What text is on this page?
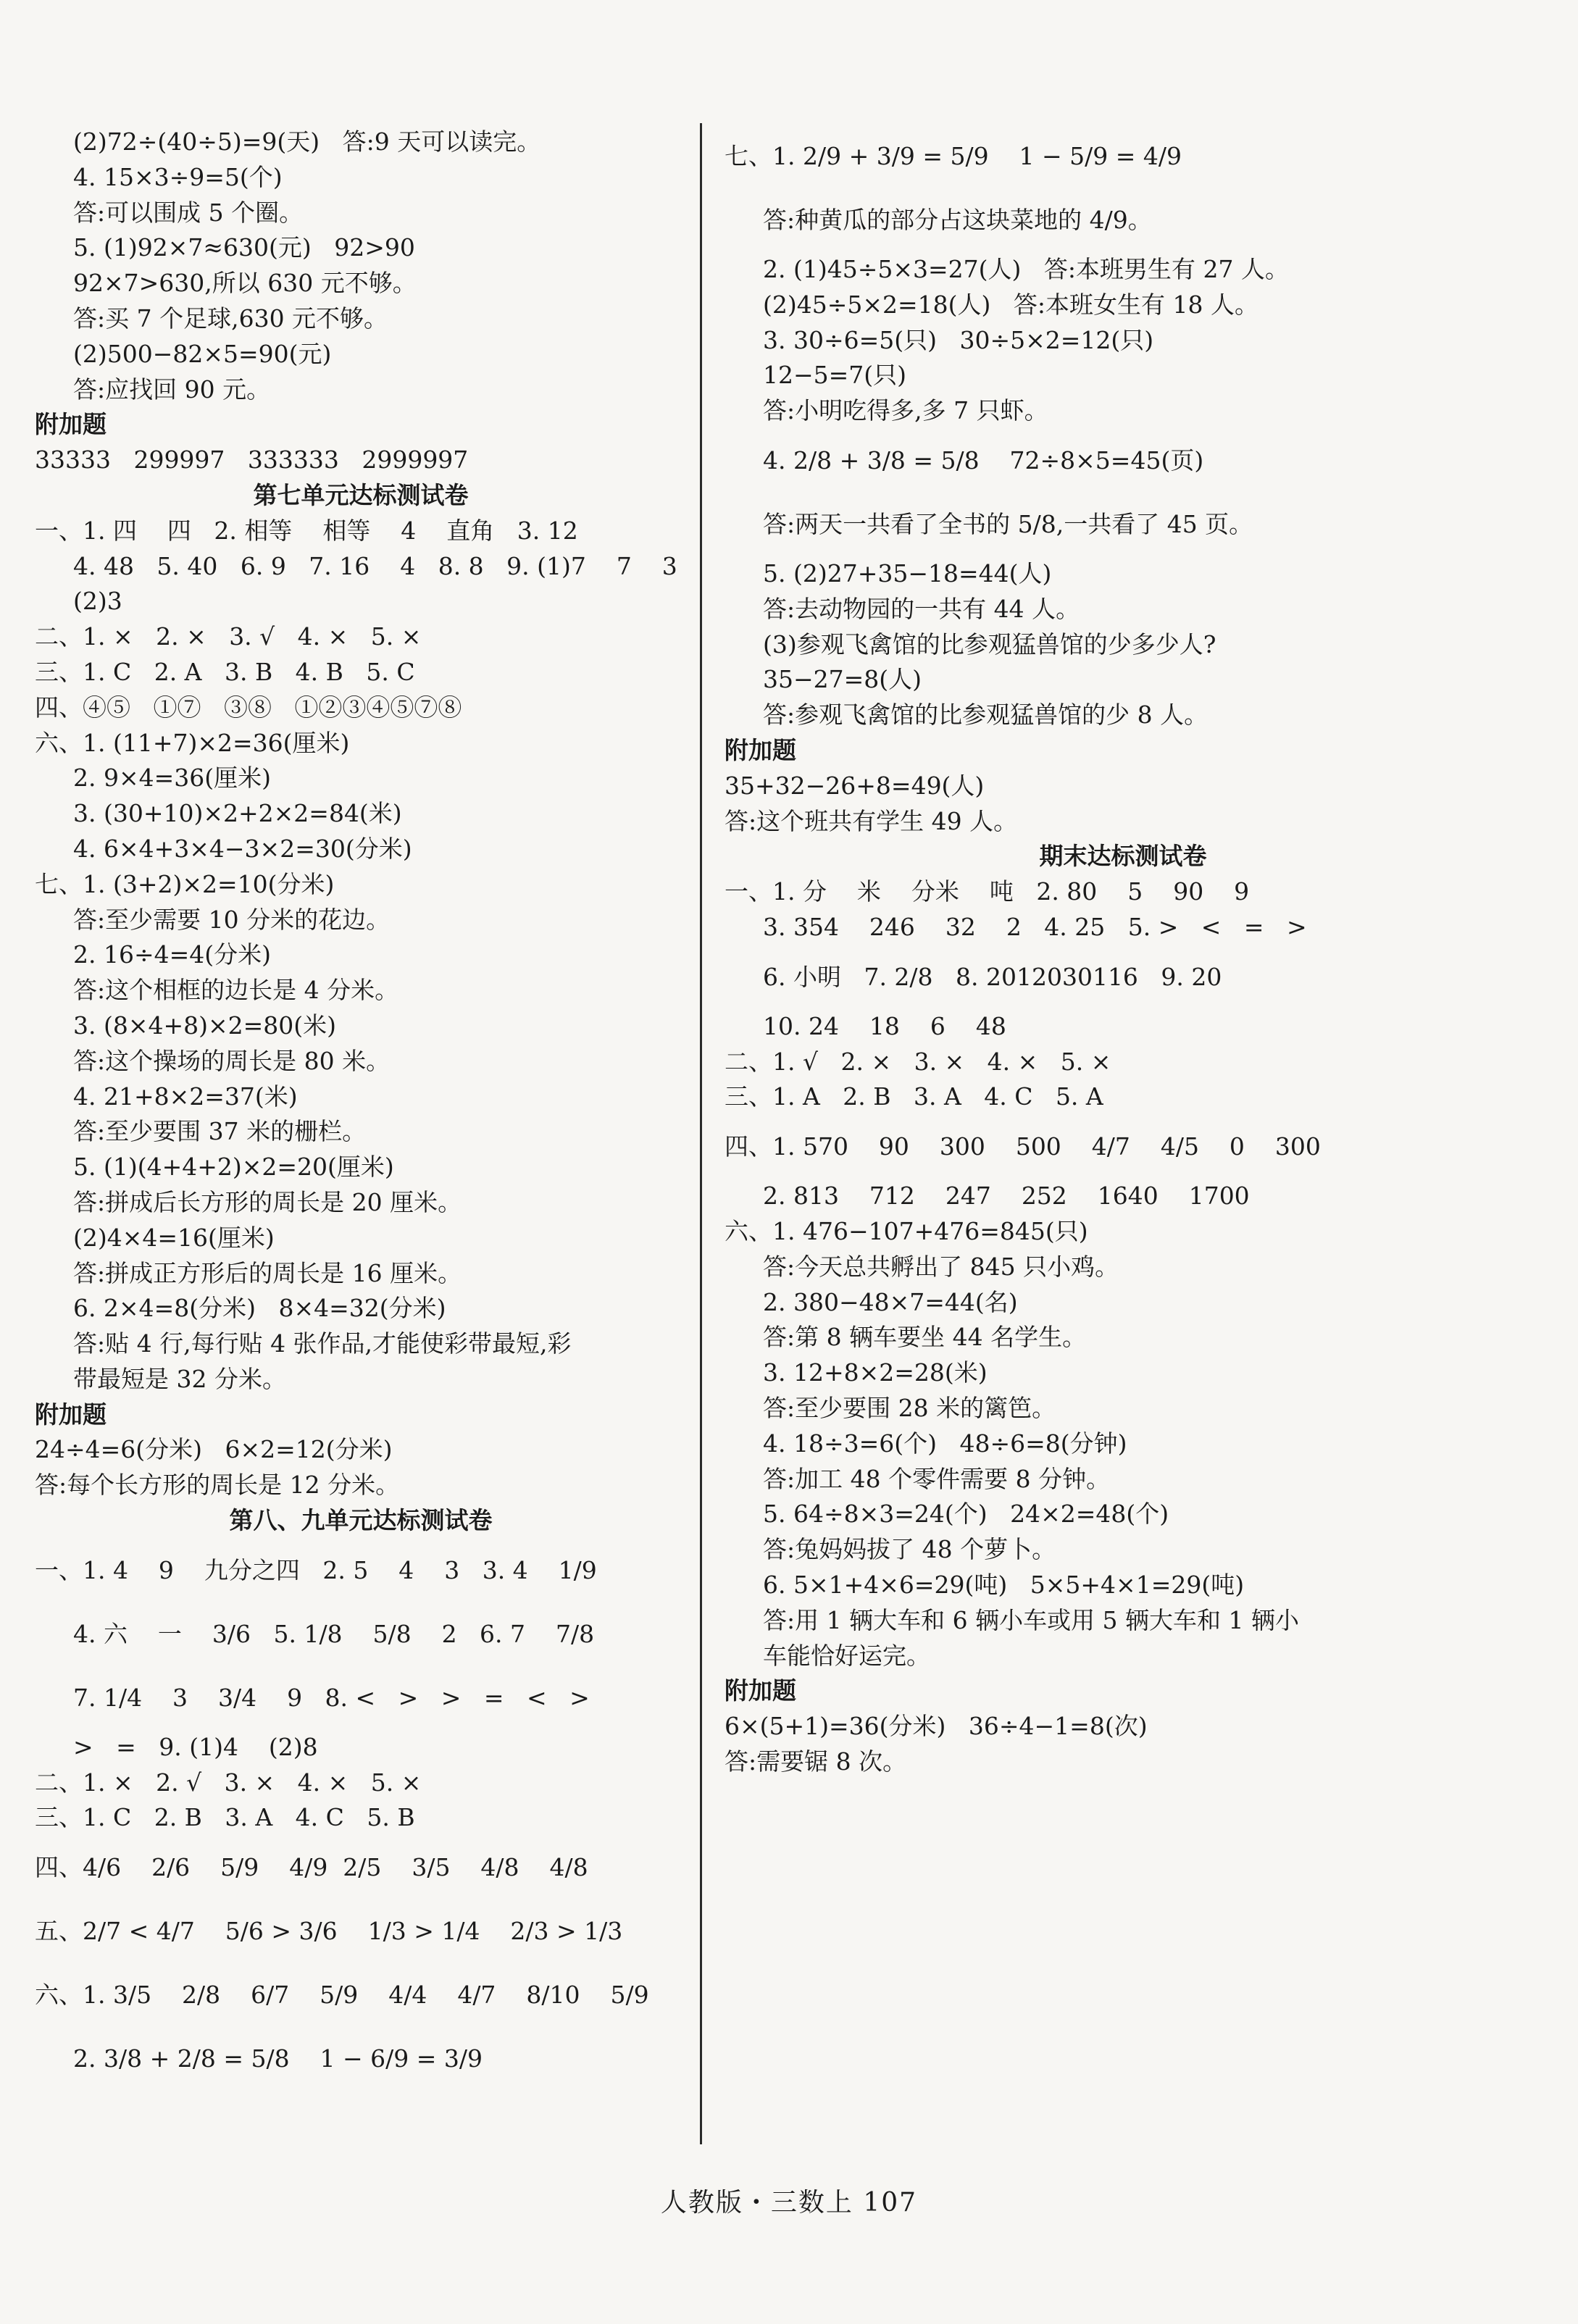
(2)72÷(40÷5)=9(天)   答:9 天可以读完。
4. 15×3÷9=5(个)
答:可以围成 5 个圈。
5. (1)92×7≈630(元)   92>90
92×7>630,所以 630 元不够。
答:买 7 个足球,630 元不够。
(2)500−82×5=90(元)
答:应找回 90 元。
附加题
33333   299997   333333   2999997
第七单元达标测试卷
一、1. 四    四   2. 相等    相等    4    直角   3. 12
4. 48   5. 40   6. 9   7. 16    4   8. 8   9. (1)7    7    3
(2)3
二、1. ×   2. ×   3. √   4. ×   5. ×
三、1. C   2. A   3. B   4. B   5. C
四、④⑤   ①⑦   ③⑧   ①②③④⑤⑦⑧
六、1. (11+7)×2=36(厘米)
2. 9×4=36(厘米)
3. (30+10)×2+2×2=84(米)
4. 6×4+3×4−3×2=30(分米)
七、1. (3+2)×2=10(分米)
答:至少需要 10 分米的花边。
2. 16÷4=4(分米)
答:这个相框的边长是 4 分米。
3. (8×4+8)×2=80(米)
答:这个操场的周长是 80 米。
4. 21+8×2=37(米)
答:至少要围 37 米的栅栏。
5. (1)(4+4+2)×2=20(厘米)
答:拼成后长方形的周长是 20 厘米。
(2)4×4=16(厘米)
答:拼成正方形后的周长是 16 厘米。
6. 2×4=8(分米)   8×4=32(分米)
答:贴 4 行,每行贴 4 张作品,才能使彩带最短,彩
带最短是 32 分米。
附加题
24÷4=6(分米)   6×2=12(分米)
答:每个长方形的周长是 12 分米。
第八、九单元达标测试卷
一、1. 4    9    九分之四   2. 5    4    3   3. 4    1/9
4. 六    一    3/6   5. 1/8    5/8    2   6. 7    7/8
7. 1/4    3    3/4    9   8. <   >   >   =   <   >
>   =   9. (1)4    (2)8
二、1. ×   2. √   3. ×   4. ×   5. ×
三、1. C   2. B   3. A   4. C   5. B
四、4/6    2/6    5/9    4/9  2/5    3/5    4/8    4/8
五、2/7 < 4/7    5/6 > 3/6    1/3 > 1/4    2/3 > 1/3
六、1. 3/5    2/8    6/7    5/9    4/4    4/7    8/10    5/9
2. 3/8 + 2/8 = 5/8    1 − 6/9 = 3/9
七、1. 2/9 + 3/9 = 5/9    1 − 5/9 = 4/9
答:种黄瓜的部分占这块菜地的 4/9。
2. (1)45÷5×3=27(人)   答:本班男生有 27 人。
(2)45÷5×2=18(人)   答:本班女生有 18 人。
3. 30÷6=5(只)   30÷5×2=12(只)
12−5=7(只)
答:小明吃得多,多 7 只虾。
4. 2/8 + 3/8 = 5/8    72÷8×5=45(页)
答:两天一共看了全书的 5/8,一共看了 45 页。
5. (2)27+35−18=44(人)
答:去动物园的一共有 44 人。
(3)参观飞禽馆的比参观猛兽馆的少多少人?
35−27=8(人)
答:参观飞禽馆的比参观猛兽馆的少 8 人。
附加题
35+32−26+8=49(人)
答:这个班共有学生 49 人。
期末达标测试卷
一、1. 分    米    分米    吨   2. 80    5    90    9
3. 354    246    32    2   4. 25   5. >   <   =   >
6. 小明   7. 2/8   8. 2012030116   9. 20
10. 24    18    6    48
二、1. √   2. ×   3. ×   4. ×   5. ×
三、1. A   2. B   3. A   4. C   5. A
四、1. 570    90    300    500    4/7    4/5    0    300
2. 813    712    247    252    1640    1700
六、1. 476−107+476=845(只)
答:今天总共孵出了 845 只小鸡。
2. 380−48×7=44(名)
答:第 8 辆车要坐 44 名学生。
3. 12+8×2=28(米)
答:至少要围 28 米的篱笆。
4. 18÷3=6(个)   48÷6=8(分钟)
答:加工 48 个零件需要 8 分钟。
5. 64÷8×3=24(个)   24×2=48(个)
答:兔妈妈拔了 48 个萝卜。
6. 5×1+4×6=29(吨)   5×5+4×1=29(吨)
答:用 1 辆大车和 6 辆小车或用 5 辆大车和 1 辆小
车能恰好运完。
附加题
6×(5+1)=36(分米)   36÷4−1=8(次)
答:需要锯 8 次。
人教版・三数上 107
